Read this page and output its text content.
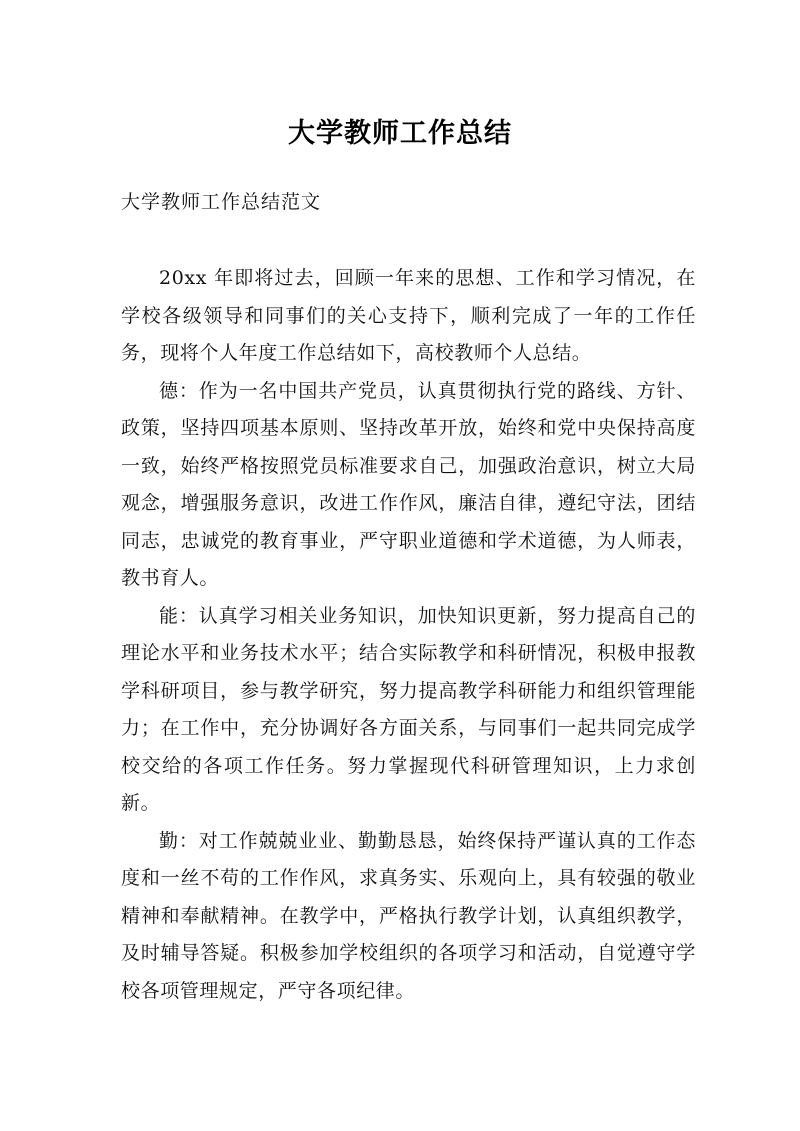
大学教师工作总结
大学教师工作总结范文

20xx 年即将过去，回顾一年来的思想、工作和学习情况，在学校各级领导和同事们的关心支持下，顺利完成了一年的工作任务，现将个人年度工作总结如下，高校教师个人总结。

德：作为一名中国共产党员，认真贯彻执行党的路线、方针、政策，坚持四项基本原则、坚持改革开放，始终和党中央保持高度一致，始终严格按照党员标准要求自己，加强政治意识，树立大局观念，增强服务意识，改进工作作风，廉洁自律，遵纪守法，团结同志，忠诚党的教育事业，严守职业道德和学术道德，为人师表，教书育人。

能：认真学习相关业务知识，加快知识更新，努力提高自己的理论水平和业务技术水平；结合实际教学和科研情况，积极申报教学科研项目，参与教学研究，努力提高教学科研能力和组织管理能力；在工作中，充分协调好各方面关系，与同事们一起共同完成学校交给的各项工作任务。努力掌握现代科研管理知识，上力求创新。

勤：对工作兢兢业业、勤勤恳恳，始终保持严谨认真的工作态度和一丝不苟的工作作风，求真务实、乐观向上，具有较强的敬业精神和奉献精神。在教学中，严格执行教学计划，认真组织教学，及时辅导答疑。积极参加学校组织的各项学习和活动，自觉遵守学校各项管理规定，严守各项纪律。
